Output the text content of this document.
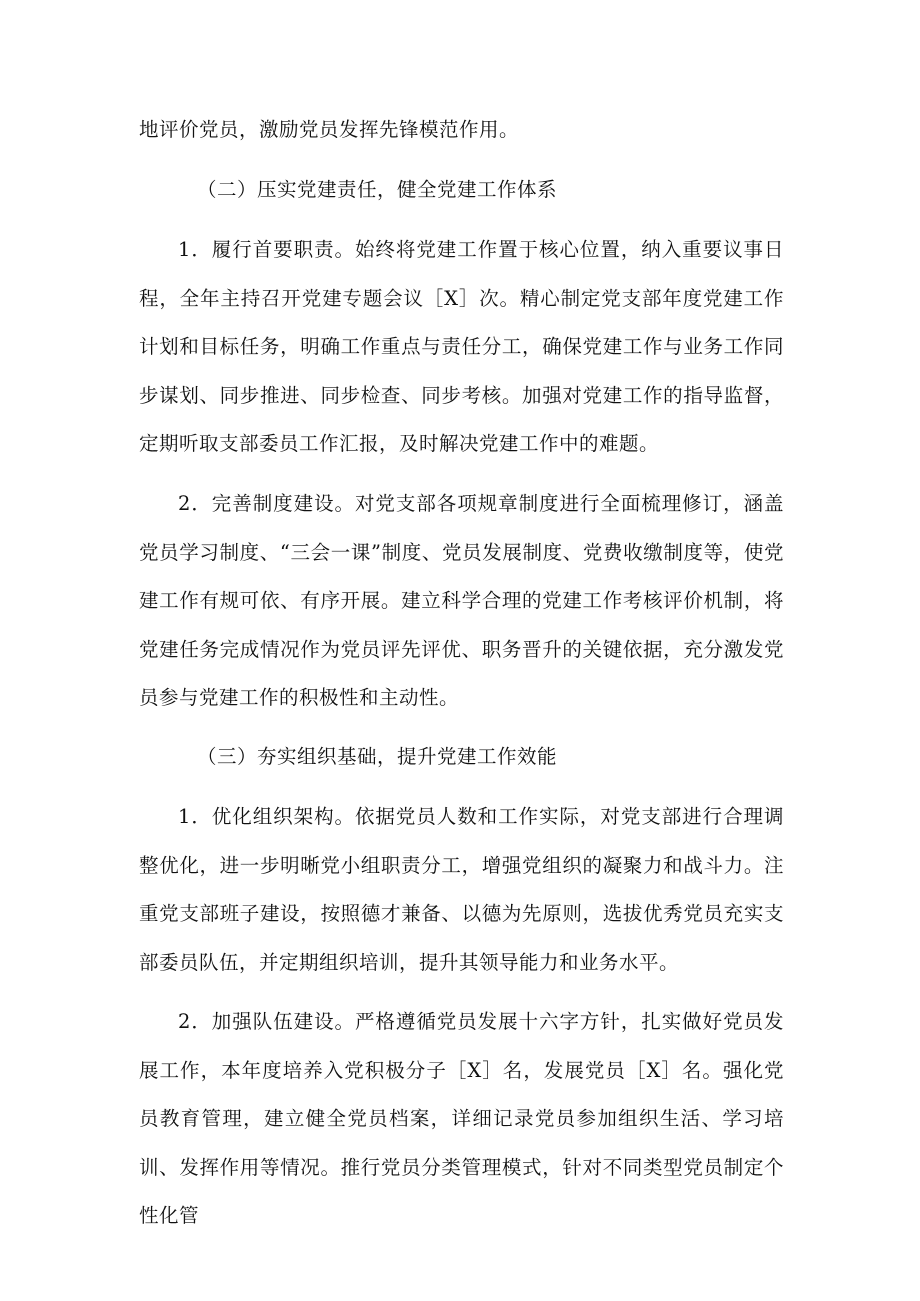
地评价党员，激励党员发挥先锋模范作用。

（二）压实党建责任，健全党建工作体系

1．履行首要职责。始终将党建工作置于核心位置，纳入重要议事日程，全年主持召开党建专题会议［X］次。精心制定党支部年度党建工作计划和目标任务，明确工作重点与责任分工，确保党建工作与业务工作同步谋划、同步推进、同步检查、同步考核。加强对党建工作的指导监督，定期听取支部委员工作汇报，及时解决党建工作中的难题。

2．完善制度建设。对党支部各项规章制度进行全面梳理修订，涵盖党员学习制度、“三会一课”制度、党员发展制度、党费收缴制度等，使党建工作有规可依、有序开展。建立科学合理的党建工作考核评价机制，将党建任务完成情况作为党员评先评优、职务晋升的关键依据，充分激发党员参与党建工作的积极性和主动性。

（三）夯实组织基础，提升党建工作效能

1．优化组织架构。依据党员人数和工作实际，对党支部进行合理调整优化，进一步明晰党小组职责分工，增强党组织的凝聚力和战斗力。注重党支部班子建设，按照德才兼备、以德为先原则，选拔优秀党员充实支部委员队伍，并定期组织培训，提升其领导能力和业务水平。

2．加强队伍建设。严格遵循党员发展十六字方针，扎实做好党员发展工作，本年度培养入党积极分子［X］名，发展党员［X］名。强化党员教育管理，建立健全党员档案，详细记录党员参加组织生活、学习培训、发挥作用等情况。推行党员分类管理模式，针对不同类型党员制定个性化管
